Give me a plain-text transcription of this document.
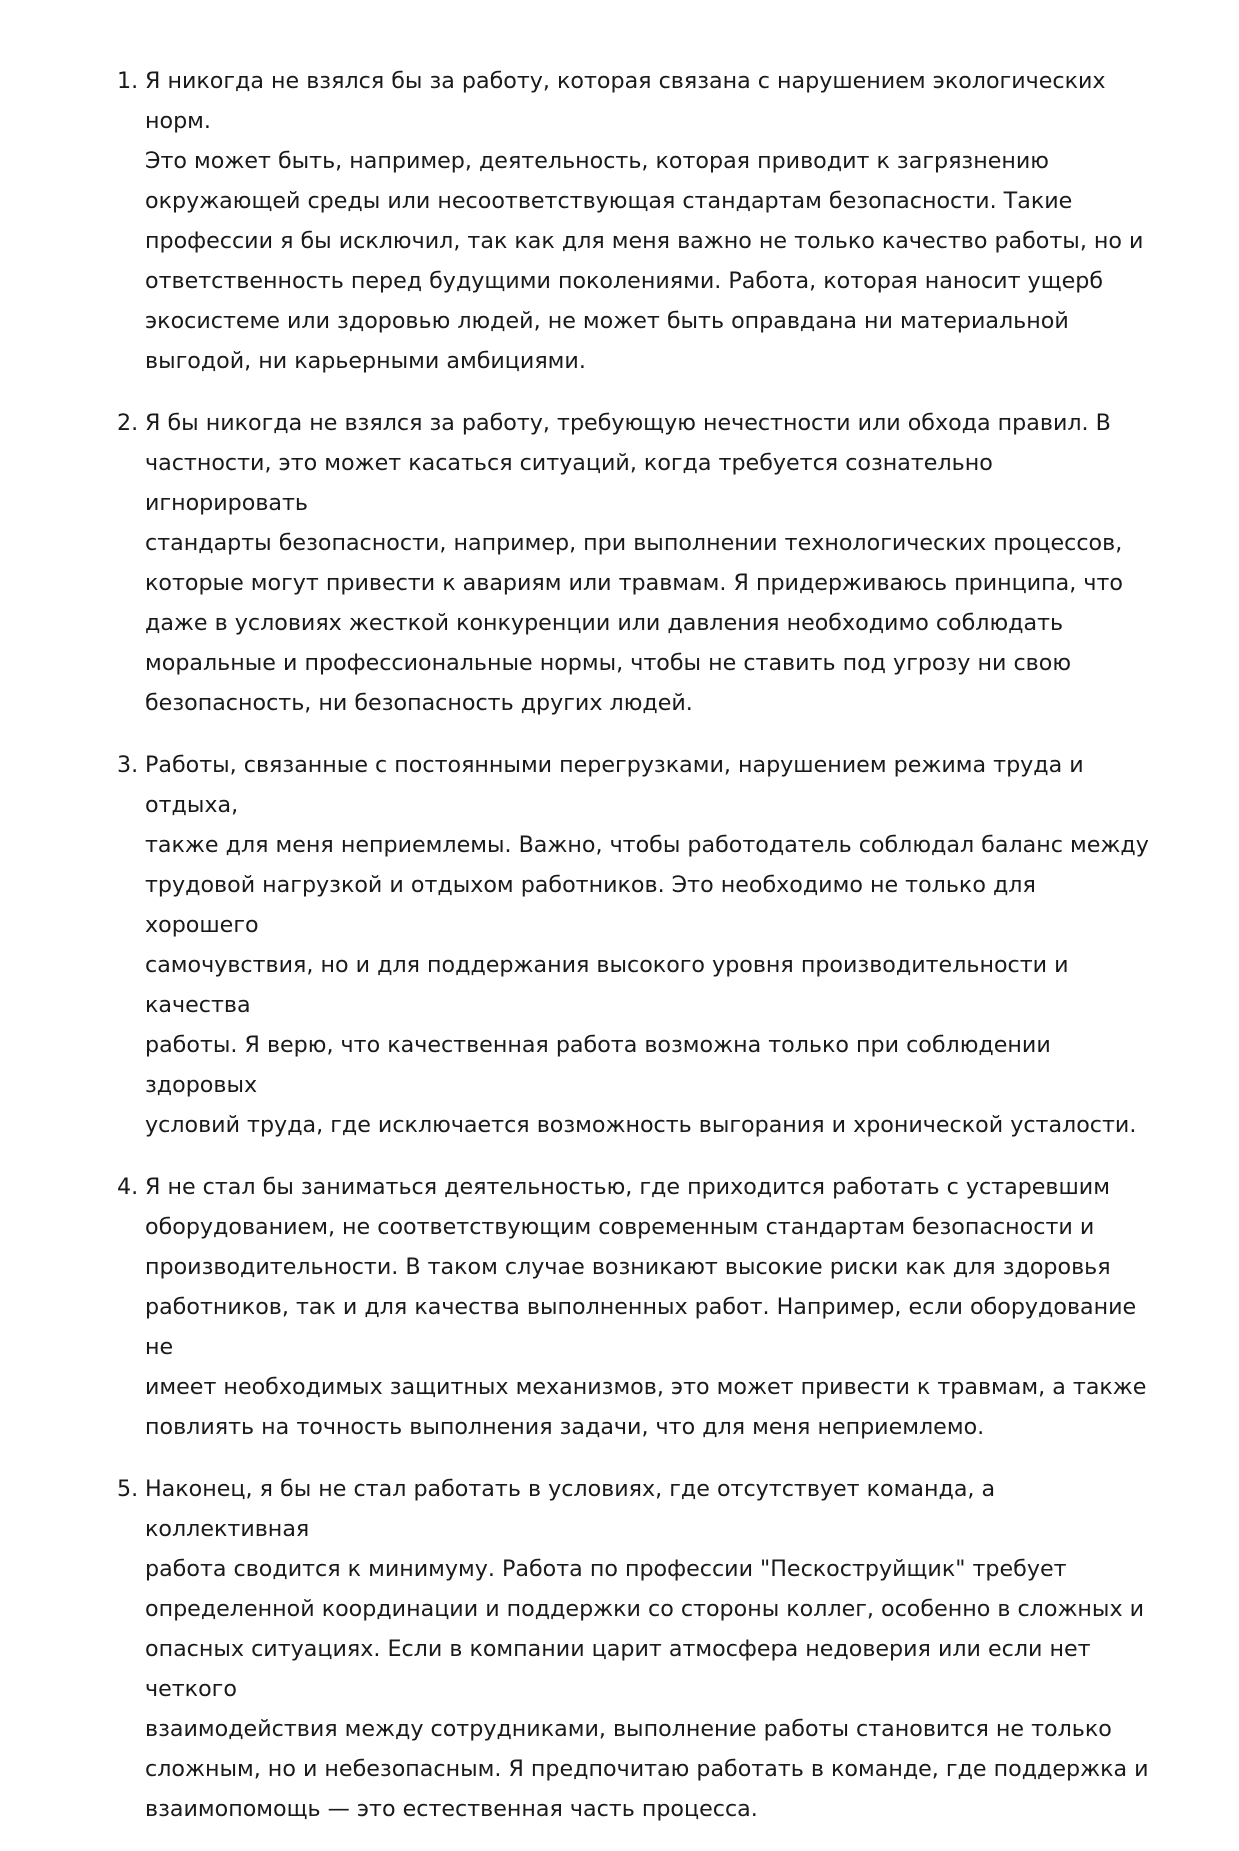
1. Я никогда не взялся бы за работу, которая связана с нарушением экологических норм.
Это может быть, например, деятельность, которая приводит к загрязнению
окружающей среды или несоответствующая стандартам безопасности. Такие
профессии я бы исключил, так как для меня важно не только качество работы, но и
ответственность перед будущими поколениями. Работа, которая наносит ущерб
экосистеме или здоровью людей, не может быть оправдана ни материальной
выгодой, ни карьерными амбициями.

2. Я бы никогда не взялся за работу, требующую нечестности или обхода правил. В
частности, это может касаться ситуаций, когда требуется сознательно игнорировать
стандарты безопасности, например, при выполнении технологических процессов,
которые могут привести к авариям или травмам. Я придерживаюсь принципа, что
даже в условиях жесткой конкуренции или давления необходимо соблюдать
моральные и профессиональные нормы, чтобы не ставить под угрозу ни свою
безопасность, ни безопасность других людей.

3. Работы, связанные с постоянными перегрузками, нарушением режима труда и отдыха,
также для меня неприемлемы. Важно, чтобы работодатель соблюдал баланс между
трудовой нагрузкой и отдыхом работников. Это необходимо не только для хорошего
самочувствия, но и для поддержания высокого уровня производительности и качества
работы. Я верю, что качественная работа возможна только при соблюдении здоровых
условий труда, где исключается возможность выгорания и хронической усталости.

4. Я не стал бы заниматься деятельностью, где приходится работать с устаревшим
оборудованием, не соответствующим современным стандартам безопасности и
производительности. В таком случае возникают высокие риски как для здоровья
работников, так и для качества выполненных работ. Например, если оборудование не
имеет необходимых защитных механизмов, это может привести к травмам, а также
повлиять на точность выполнения задачи, что для меня неприемлемо.

5. Наконец, я бы не стал работать в условиях, где отсутствует команда, а коллективная
работа сводится к минимуму. Работа по профессии "Пескоструйщик" требует
определенной координации и поддержки со стороны коллег, особенно в сложных и
опасных ситуациях. Если в компании царит атмосфера недоверия или если нет четкого
взаимодействия между сотрудниками, выполнение работы становится не только
сложным, но и небезопасным. Я предпочитаю работать в команде, где поддержка и
взаимопомощь — это естественная часть процесса.
